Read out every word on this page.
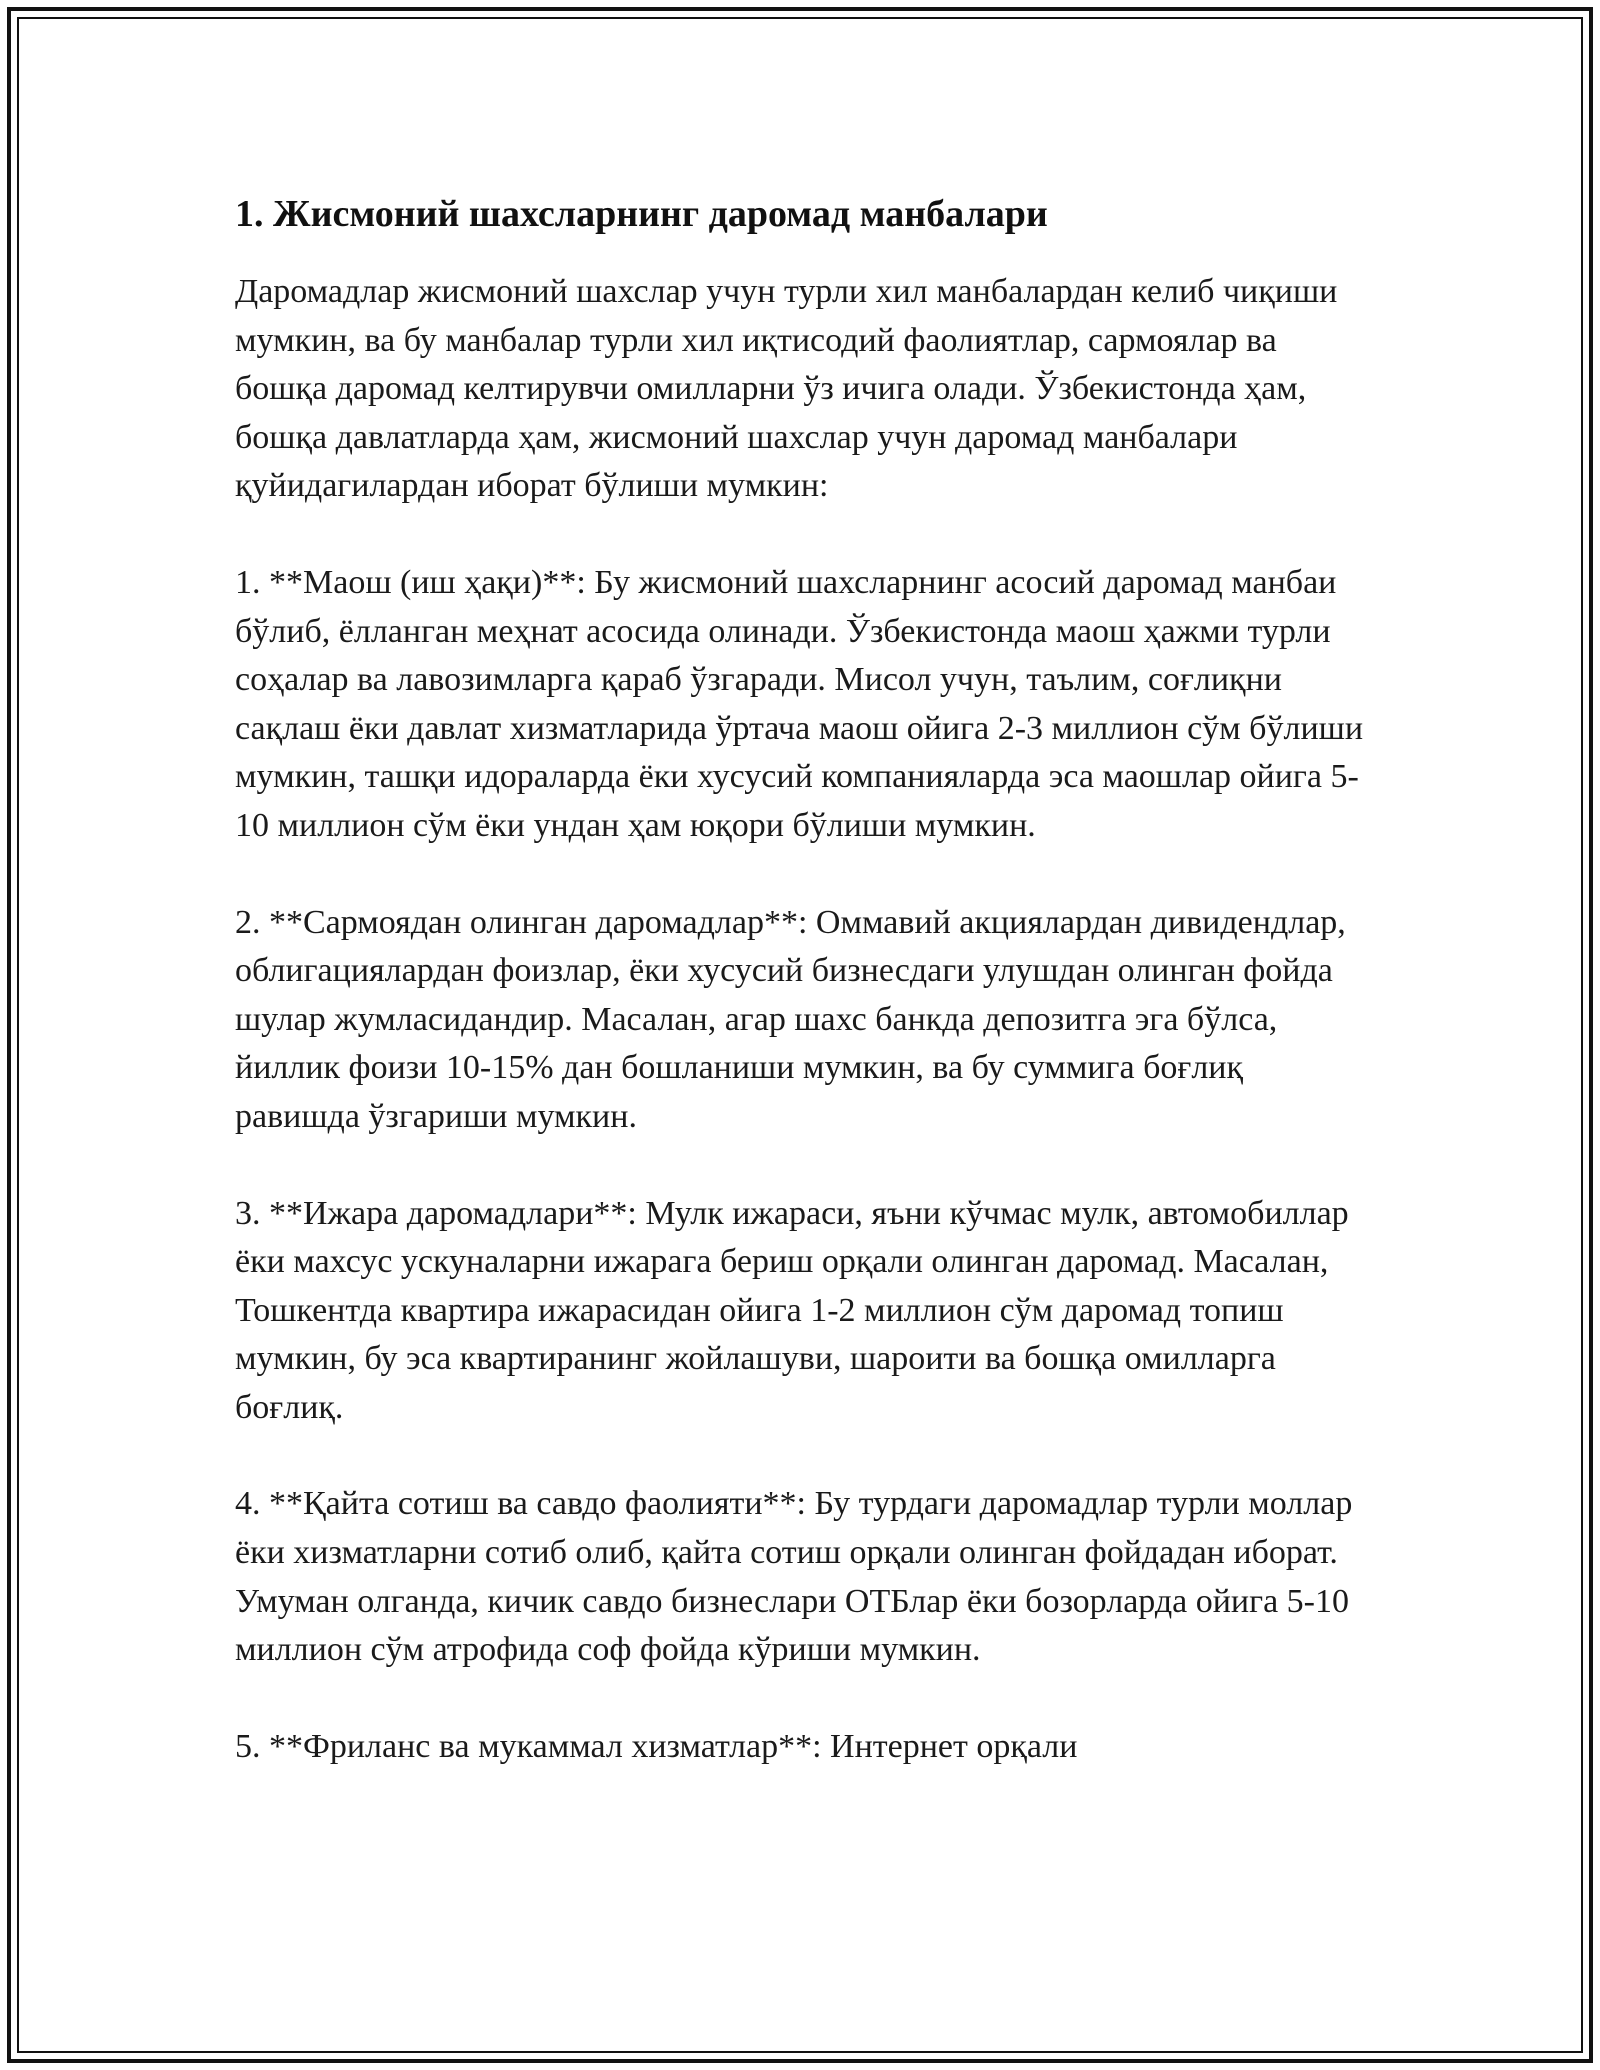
1. Жисмоний шахсларнинг даромад манбалари

Даромадлар жисмоний шахслар учун турли хил манбалардан келиб чиқиши мумкин, ва бу манбалар турли хил иқтисодий фаолиятлар, сармоялар ва бошқа даромад келтирувчи омилларни ўз ичига олади. Ўзбекистонда ҳам, бошқа давлатларда ҳам, жисмоний шахслар учун даромад манбалари қуйидагилардан иборат бўлиши мумкин:

1. **Маош (иш ҳақи)**: Бу жисмоний шахсларнинг асосий даромад манбаи бўлиб, ёлланган меҳнат асосида олинади. Ўзбекистонда маош ҳажми турли соҳалар ва лавозимларга қараб ўзгаради. Мисол учун, таълим, соғлиқни сақлаш ёки давлат хизматларида ўртача маош ойига 2-3 миллион сўм бўлиши мумкин, ташқи идораларда ёки хусусий компанияларда эса маошлар ойига 5-10 миллион сўм ёки ундан ҳам юқори бўлиши мумкин.

2. **Сармоядан олинган даромадлар**: Оммавий акциялардан дивидендлар, облигациялардан фоизлар, ёки хусусий бизнесдаги улушдан олинган фойда шулар жумласидандир. Масалан, агар шахс банкда депозитга эга бўлса, йиллик фоизи 10-15% дан бошланиши мумкин, ва бу суммига боғлиқ равишда ўзгариши мумкин.

3. **Ижара даромадлари**: Мулк ижараси, яъни кўчмас мулк, автомобиллар ёки махсус ускуналарни ижарага бериш орқали олинган даромад. Масалан, Тошкентда квартира ижарасидан ойига 1-2 миллион сўм даромад топиш мумкин, бу эса квартиранинг жойлашуви, шароити ва бошқа омилларга боғлиқ.

4. **Қайта сотиш ва савдо фаолияти**: Бу турдаги даромадлар турли моллар ёки хизматларни сотиб олиб, қайта сотиш орқали олинган фойдадан иборат. Умуман олганда, кичик савдо бизнеслари ОТБлар ёки бозорларда ойига 5-10 миллион сўм атрофида соф фойда кўриши мумкин.

5. **Фриланс ва мукаммал хизматлар**: Интернет орқали
